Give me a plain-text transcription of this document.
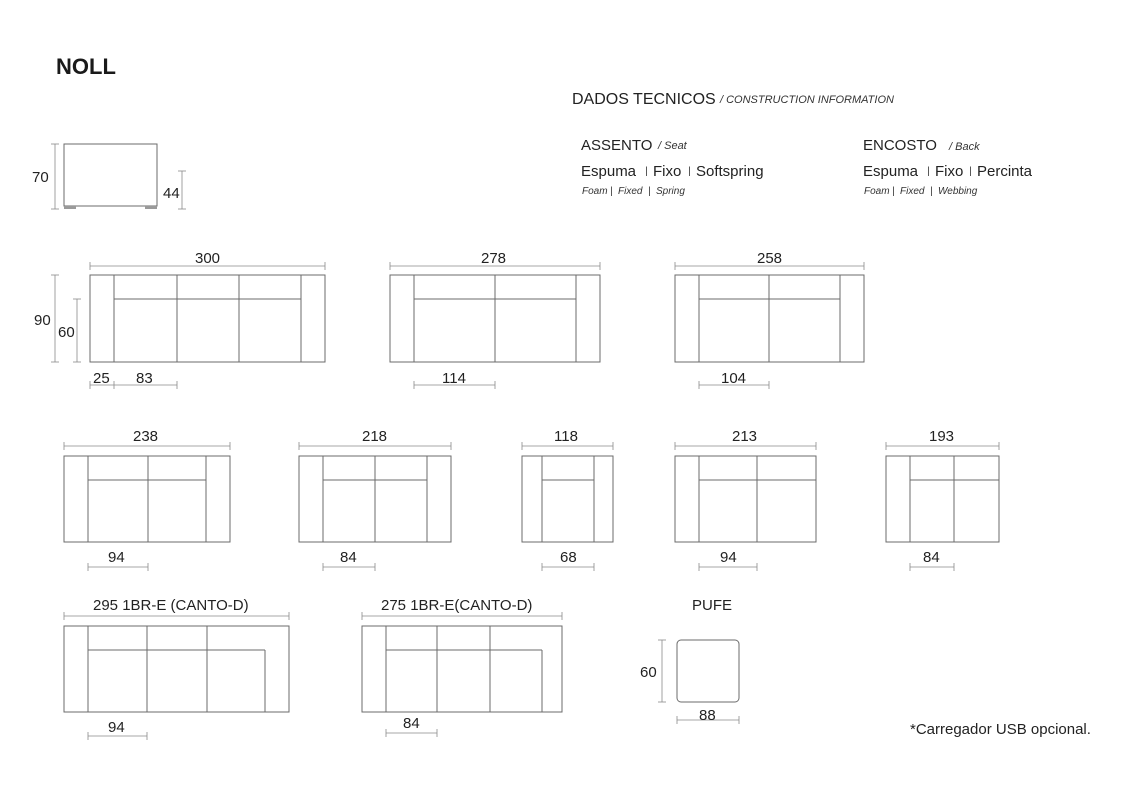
NOLL
DADOS TECNICOS / CONSTRUCTION INFORMATION
ASSENTO / Seat
Espuma | Fixo | Softspring
Foam | Fixed | Spring
ENCOSTO / Back
Espuma | Fixo | Percinta
Foam | Fixed | Webbing
70
44
300	278	258
90
60
25 83	114	104
238	218	118	213	193
94	84	68	94	84
295 1BR-E (CANTO-D)	275 1BR-E(CANTO-D)
94	84
PUFE
60
88
*Carregador USB opcional.
